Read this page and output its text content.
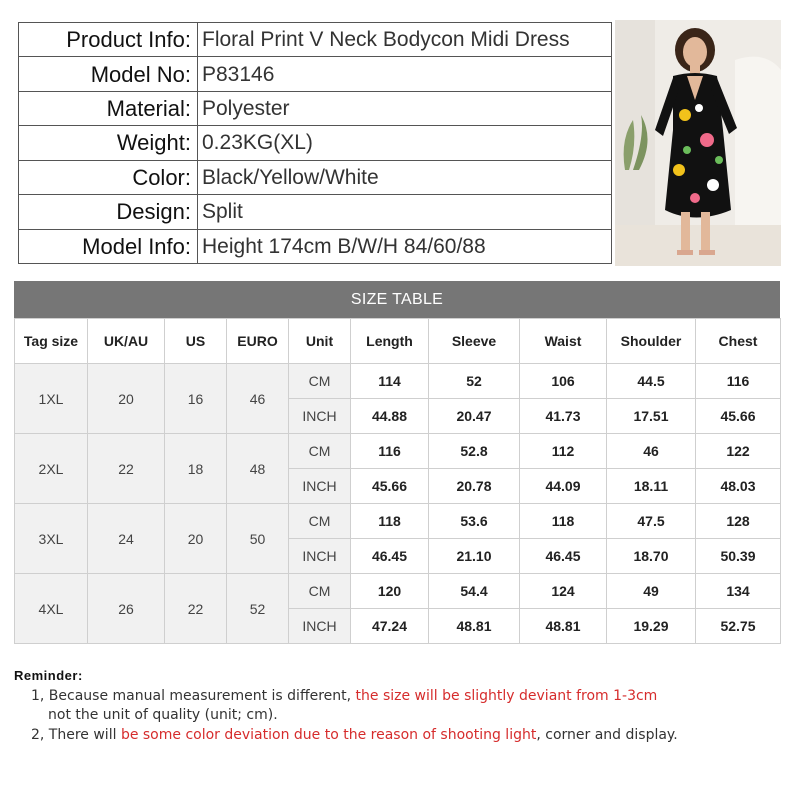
Product Info:	Floral Print V Neck Bodycon Midi Dress
Model No:	P83146
Material:	Polyester
Weight:	0.23KG(XL)
Color:	Black/Yellow/White
Design:	Split
Model Info:	Height 174cm B/W/H 84/60/88
SIZE TABLE
Tag size	UK/AU	US	EURO	Unit	Length	Sleeve	Waist	Shoulder	Chest
1XL	20	16	46	CM	114	52	106	44.5	116
				INCH	44.88	20.47	41.73	17.51	45.66
2XL	22	18	48	CM	116	52.8	112	46	122
				INCH	45.66	20.78	44.09	18.11	48.03
3XL	24	20	50	CM	118	53.6	118	47.5	128
				INCH	46.45	21.10	46.45	18.70	50.39
4XL	26	22	52	CM	120	54.4	124	49	134
				INCH	47.24	48.81	48.81	19.29	52.75
Reminder:
1, Because manual measurement is different, the size will be slightly deviant from 1-3cm
not the unit of quality (unit; cm).
2, There will be some color deviation due to the reason of shooting light, corner and display.
